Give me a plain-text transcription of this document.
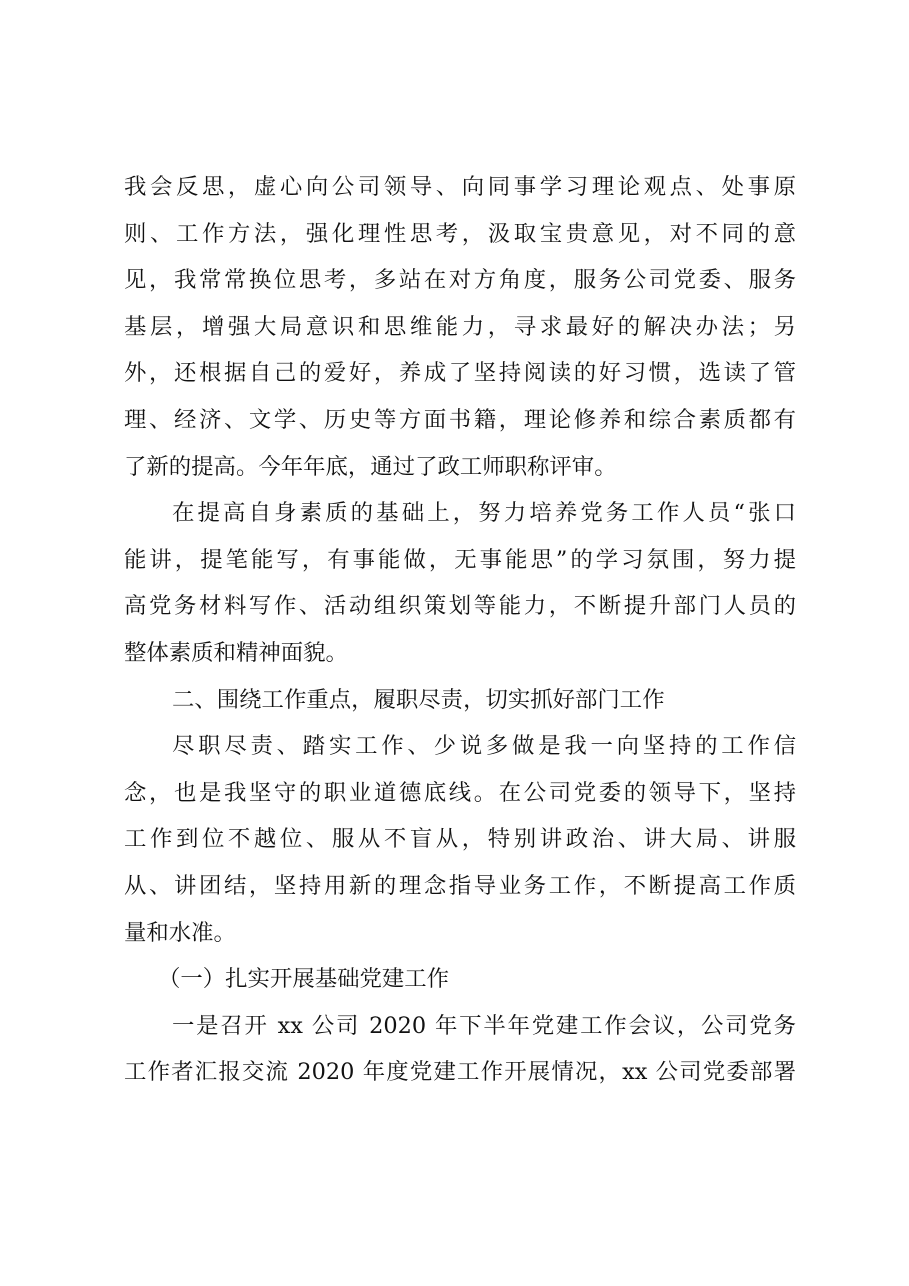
我会反思，虚心向公司领导、向同事学习理论观点、处事原
则、工作方法，强化理性思考，汲取宝贵意见，对不同的意
见，我常常换位思考，多站在对方角度，服务公司党委、服务
基层，增强大局意识和思维能力，寻求最好的解决办法；另
外，还根据自己的爱好，养成了坚持阅读的好习惯，选读了管
理、经济、文学、历史等方面书籍，理论修养和综合素质都有
了新的提高。今年年底，通过了政工师职称评审。
在提高自身素质的基础上，努力培养党务工作人员“张口
能讲，提笔能写，有事能做，无事能思”的学习氛围，努力提
高党务材料写作、活动组织策划等能力，不断提升部门人员的
整体素质和精神面貌。
二、围绕工作重点，履职尽责，切实抓好部门工作
尽职尽责、踏实工作、少说多做是我一向坚持的工作信
念，也是我坚守的职业道德底线。在公司党委的领导下，坚持
工作到位不越位、服从不盲从，特别讲政治、讲大局、讲服
从、讲团结，坚持用新的理念指导业务工作，不断提高工作质
量和水准。
（一）扎实开展基础党建工作
一是召开 xx 公司 2020 年下半年党建工作会议，公司党务
工作者汇报交流 2020 年度党建工作开展情况，xx 公司党委部署
